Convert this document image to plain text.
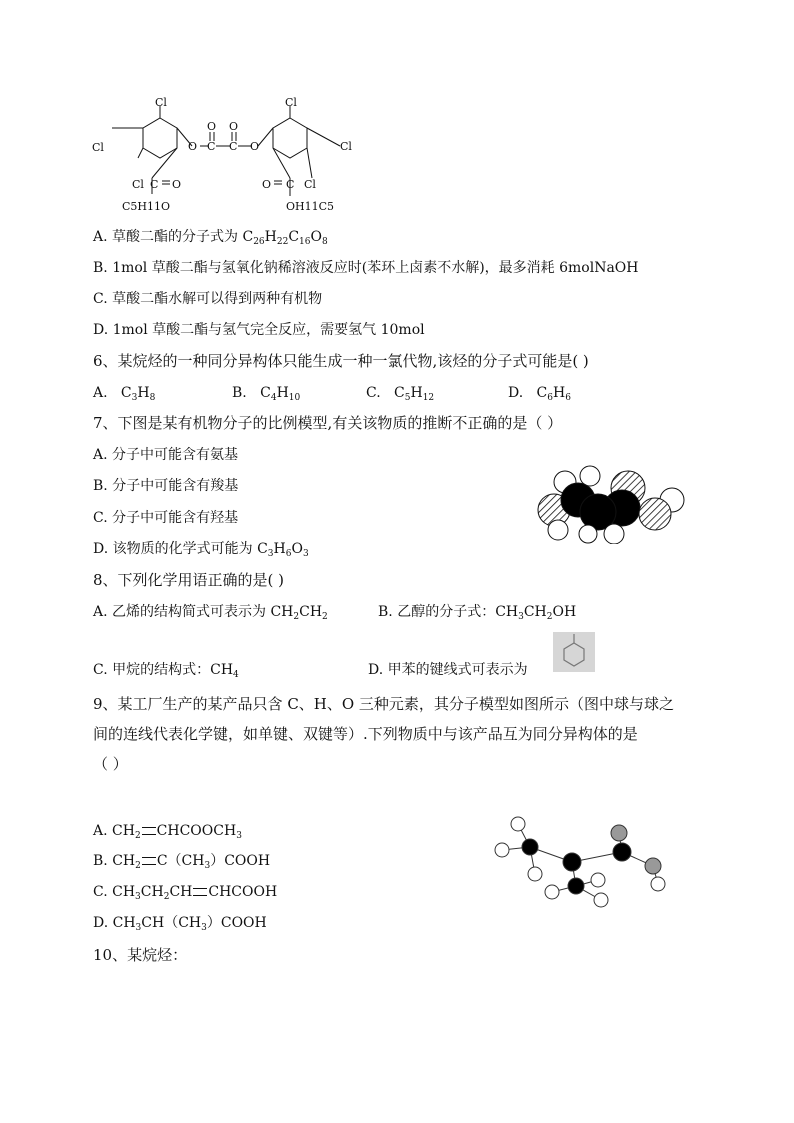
Cl
Cl
Cl C O
O C
O
C
O
O
Cl
Cl
O C Cl
C5H11O	OH11C5
A. 草酸二酯的分子式为 $C_{26}H_{22}C_{16}O_8$
B. 1mol 草酸二酯与氢氧化钠稀溶液反应时(苯环上卤素不水解)，最多消耗 6molNaOH
C. 草酸二酯水解可以得到两种有机物
D. 1mol 草酸二酯与氢气完全反应，需要氢气 10mol
6、某烷烃的一种同分异构体只能生成一种一氯代物,该烃的分子式可能是( )
A. $C_3H_8$	B. $C_4H_{10}$	C. $C_5H_{12}$	D. $C_6H_6$
7、下图是某有机物分子的比例模型,有关该物质的推断不正确的是（ ）
A. 分子中可能含有氨基
B. 分子中可能含有羧基
C. 分子中可能含有羟基
D. 该物质的化学式可能为 $C_3H_6O_3$
8、下列化学用语正确的是( )
A. 乙烯的结构简式可表示为 $CH_2CH_2$	B. 乙醇的分子式：$CH_3CH_2OH$
C. 甲烷的结构式：$CH_4$	D. 甲苯的键线式可表示为
9、某工厂生产的某产品只含 C、H、O 三种元素，其分子模型如图所示（图中球与球之
间的连线代表化学键，如单键、双键等）.下列物质中与该产品互为同分异构体的是
（ ）
A. $CH_2$ $CHCOOCH_3$
B. $CH_2$ $C(CH_3)COOH$
C. $CH_3CH_2CH$ CHCOOH
D. $CH_3CH(CH_3)COOH$
10、某烷烃：
